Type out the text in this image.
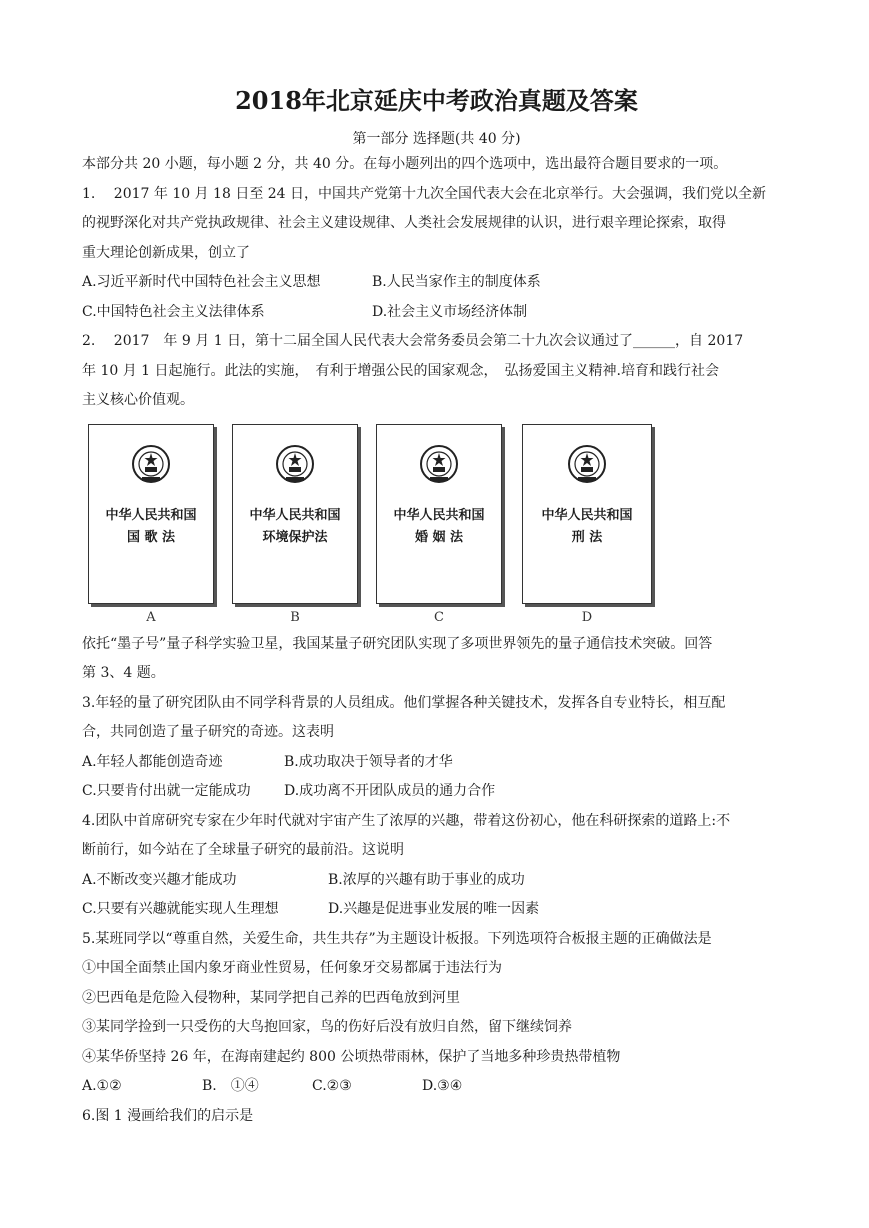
2018年北京延庆中考政治真题及答案
第一部分 选择题(共 40 分)

本部分共 20 小题，每小题 2 分，共 40 分。在每小题列出的四个选项中，选出最符合题目要求的一项。

1.　 2017 年 10 月 18 日至 24 日，中国共产党第十九次全国代表大会在北京举行。大会强调，我们党以全新

的视野深化对共产党执政规律、社会主义建设规律、人类社会发展规律的认识，进行艰辛理论探索，取得

重大理论创新成果，创立了

A.习近平新时代中国特色社会主义思想	B.人民当家作主的制度体系

C.中国特色社会主义法律体系	D.社会主义市场经济体制

2.　 2017　年 9 月 1 日，第十二届全国人民代表大会常务委员会第二十九次会议通过了______，自 2017

年 10 月 1 日起施行。此法的实施，　有利于增强公民的国家观念，　弘扬爱国主义精神.培育和践行社会

主义核心价值观。

中华人民共和国
国 歌 法
A
中华人民共和国
环境保护法
B
中华人民共和国
婚 姻 法
C
中华人民共和国
刑 法
D

依托“墨子号”量子科学实验卫星，我国某量子研究团队实现了多项世界领先的量子通信技术突破。回答

第 3、4 题。

3.年轻的量了研究团队由不同学科背景的人员组成。他们掌握各种关键技术，发挥各自专业特长，相互配

合，共同创造了量子研究的奇迹。这表明

A.年轻人都能创造奇迹	B.成功取决于领导者的才华

C.只要肯付出就一定能成功	D.成功离不开团队成员的通力合作

4.团队中首席研究专家在少年时代就对宇宙产生了浓厚的兴趣，带着这份初心，他在科研探索的道路上:不

断前行，如今站在了全球量子研究的最前沿。这说明

A.不断改变兴趣才能成功	B.浓厚的兴趣有助于事业的成功

C.只要有兴趣就能实现人生理想	D.兴趣是促进事业发展的唯一因素

5.某班同学以“尊重自然，关爱生命，共生共存”为主题设计板报。下列选项符合板报主题的正确做法是

①中国全面禁止国内象牙商业性贸易，任何象牙交易都属于违法行为

②巴西龟是危险入侵物种，某同学把自己养的巴西龟放到河里

③某同学捡到一只受伤的大鸟抱回家，鸟的伤好后没有放归自然，留下继续饲养

④某华侨坚持 26 年，在海南建起约 800 公顷热带雨林，保护了当地多种珍贵热带植物

A.①②	B.　①④	C.②③	D.③④

6.图 1 漫画给我们的启示是
